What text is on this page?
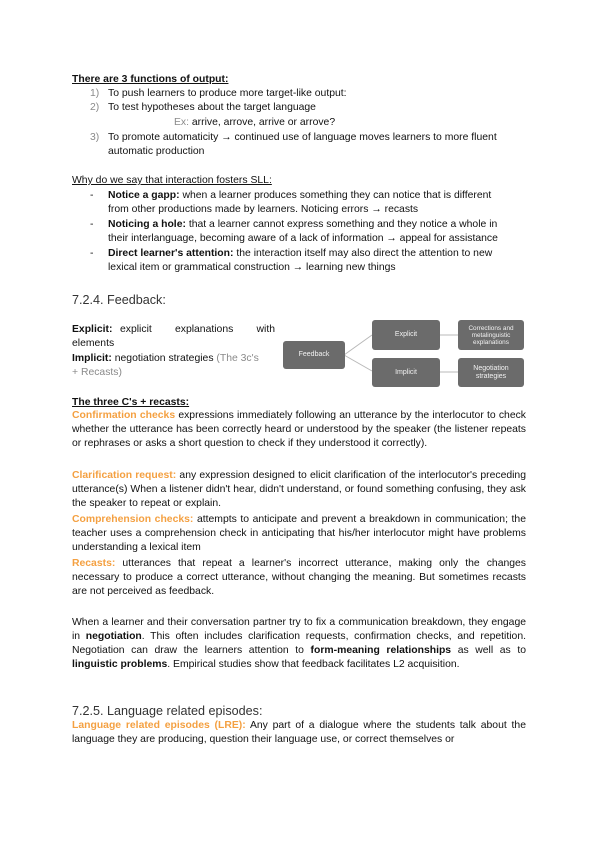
There are 3 functions of output:
1) To push learners to produce more target-like output:
2) To test hypotheses about the target language
Ex: arrive, arrove, arrive or arrove?
3) To promote automaticity → continued use of language moves learners to more fluent
automatic production
Why do we say that interaction fosters SLL:
- Notice a gapp: when a learner produces something they can notice that is different
from other productions made by learners. Noticing errors → recasts
- Noticing a hole: that a learner cannot express something and they notice a whole in
their interlanguage, becoming aware of a lack of information → appeal for assistance
- Direct learner's attention: the interaction itself may also direct the attention to new
lexical item or grammatical construction → learning new things
7.2.4. Feedback:
Explicit: explicit explanations with
elements
Implicit: negotiation strategies (The 3c's
+ Recasts)
Feedback
Explicit
Implicit
Corrections and metalinguistic explanations
Negotiation strategies
The three C's + recasts:
Confirmation checks expressions immediately following an utterance by the interlocutor to check whether the utterance has been correctly heard or understood by the speaker (the listener repeats or rephrases or asks a short question to check if they understood it correctly).
Clarification request: any expression designed to elicit clarification of the interlocutor's preceding utterance(s) When a listener didn't hear, didn't understand, or found something confusing, they ask the speaker to repeat or explain.
Comprehension checks: attempts to anticipate and prevent a breakdown in communication; the teacher uses a comprehension check in anticipating that his/her interlocutor might have problems understanding a lexical item
Recasts: utterances that repeat a learner's incorrect utterance, making only the changes necessary to produce a correct utterance, without changing the meaning. But sometimes recasts are not perceived as feedback.
When a learner and their conversation partner try to fix a communication breakdown, they engage in negotiation. This often includes clarification requests, confirmation checks, and repetition. Negotiation can draw the learners attention to form-meaning relationships as well as to linguistic problems. Empirical studies show that feedback facilitates L2 acquisition.
7.2.5. Language related episodes:
Language related episodes (LRE): Any part of a dialogue where the students talk about the language they are producing, question their language use, or correct themselves or
